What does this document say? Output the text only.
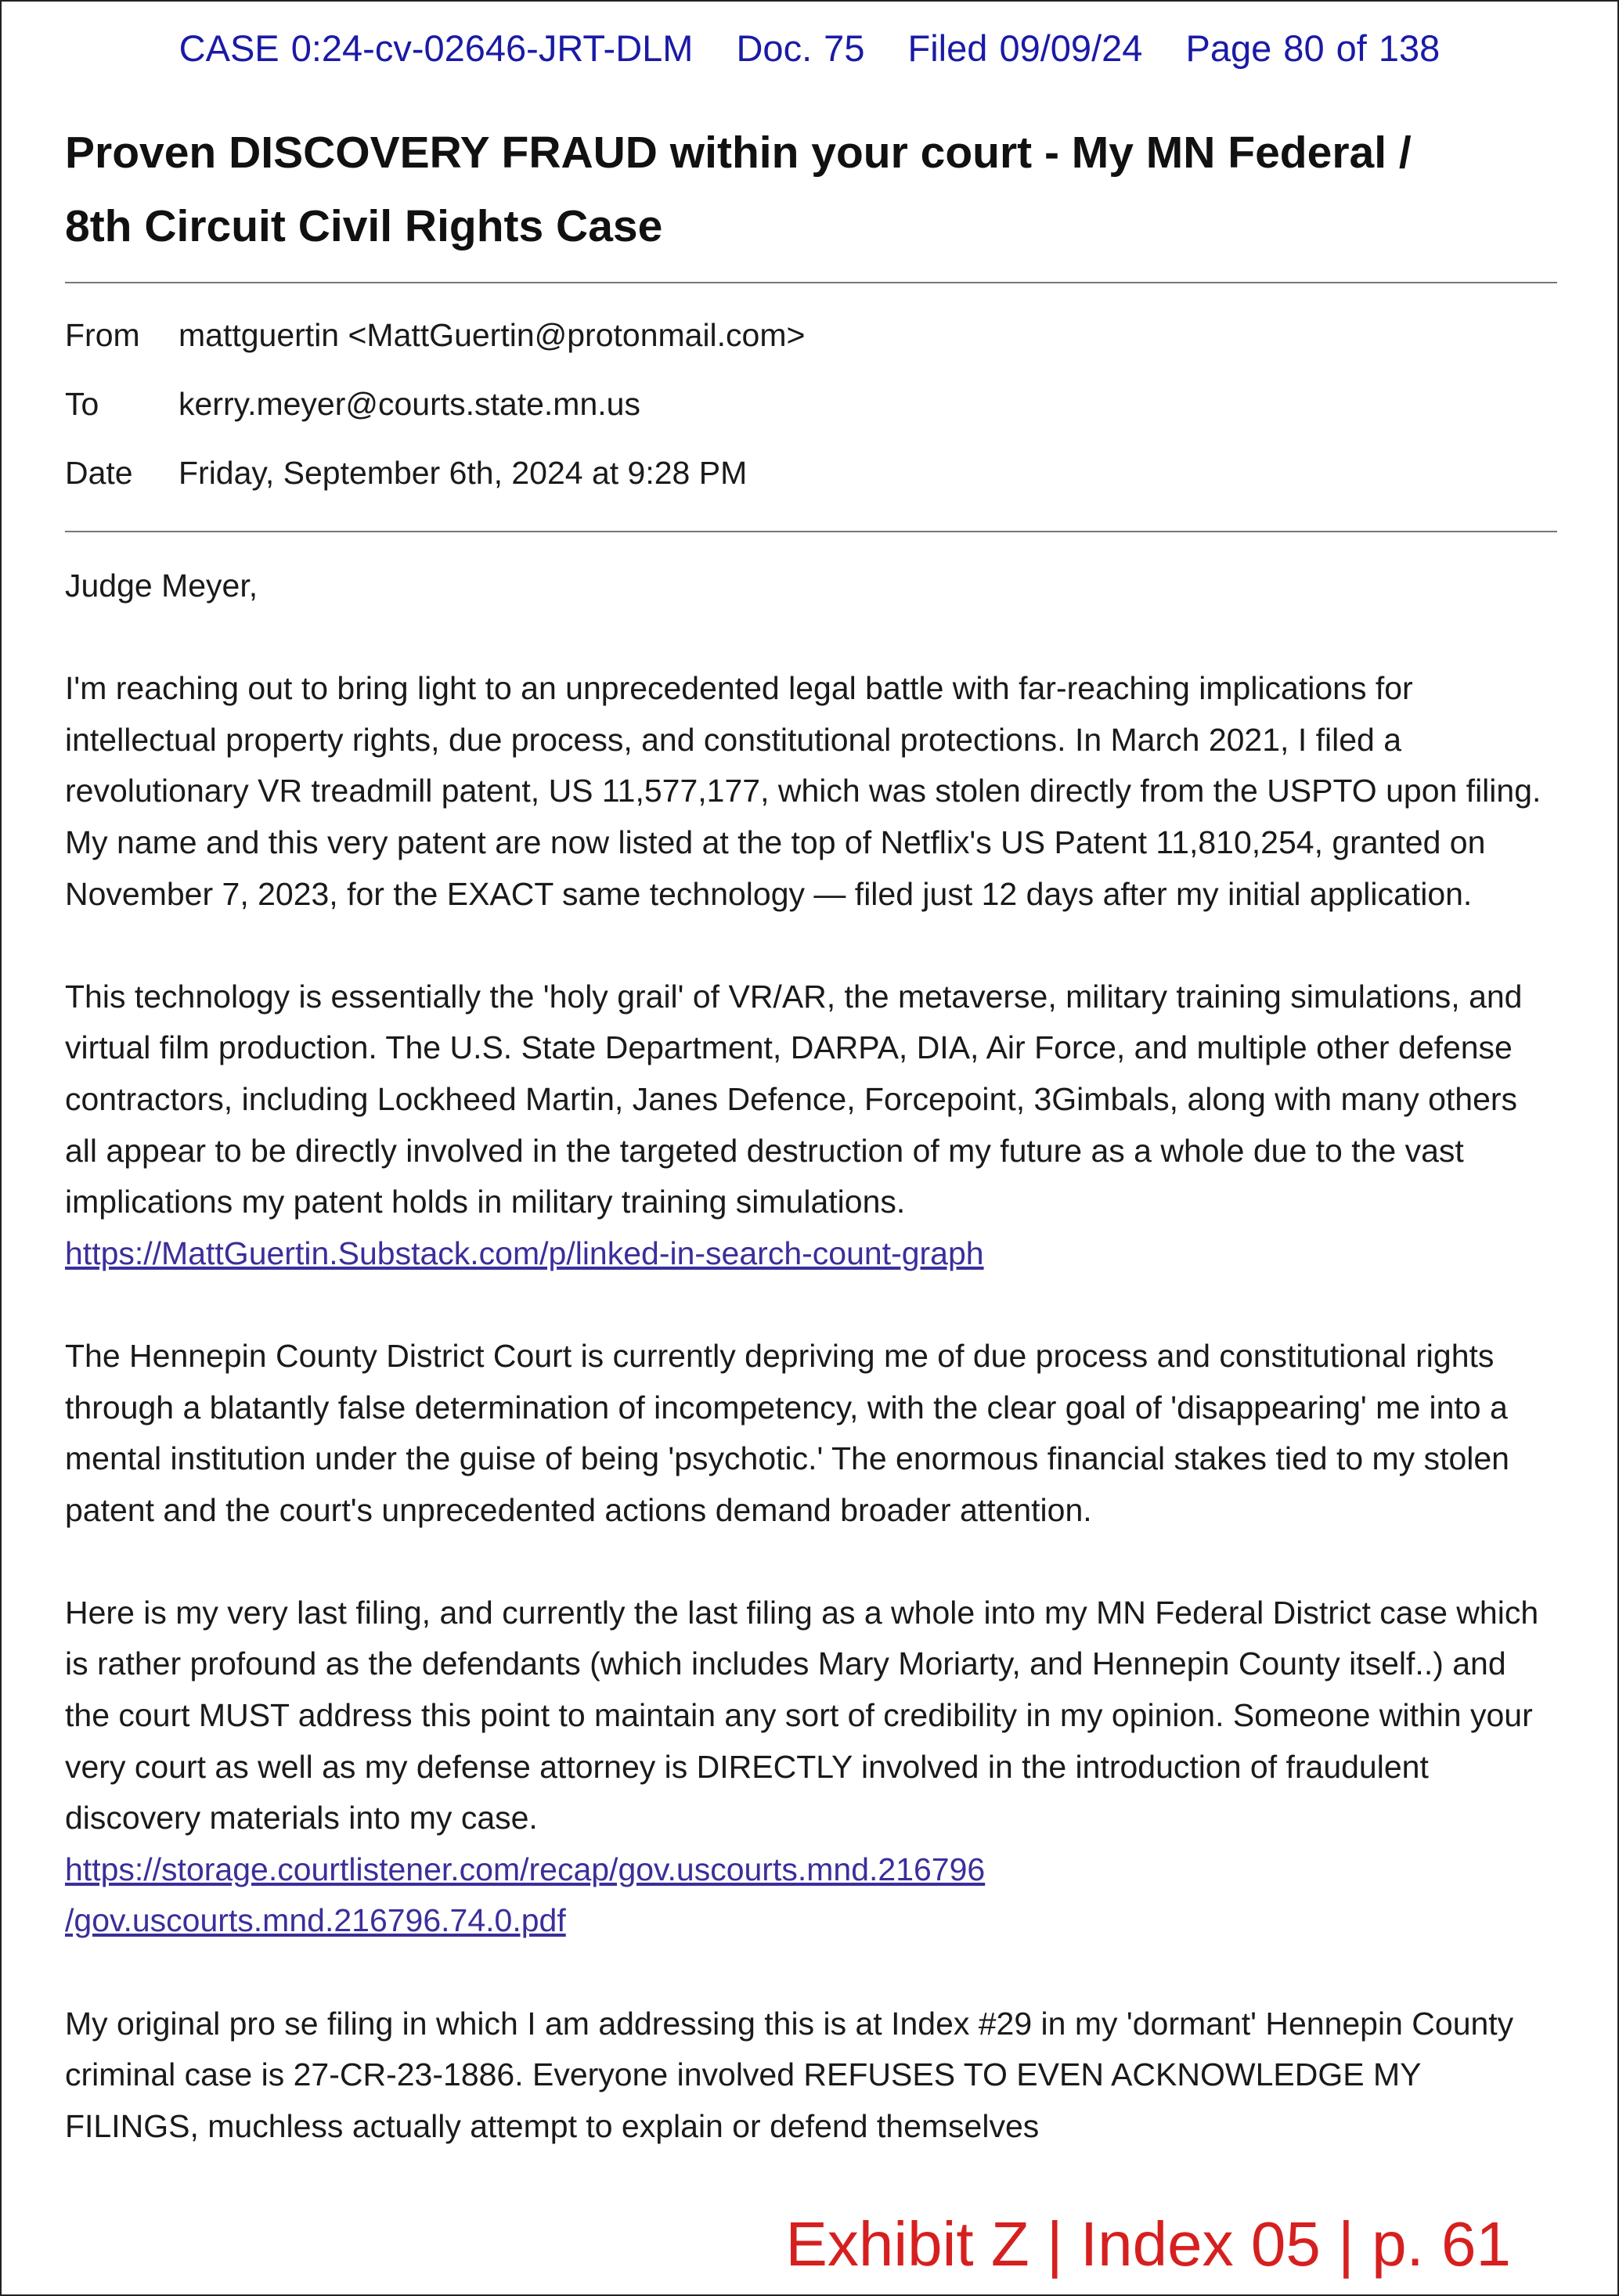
CASE 0:24-cv-02646-JRT-DLM Doc. 75 Filed 09/09/24 Page 80 of 138
Proven DISCOVERY FRAUD within your court - My MN Federal /
8th Circuit Civil Rights Case
From	mattguertin <MattGuertin@protonmail.com>
To	kerry.meyer@courts.state.mn.us
Date	Friday, September 6th, 2024 at 9:28 PM

Judge Meyer,

I'm reaching out to bring light to an unprecedented legal battle with far-reaching implications for intellectual property rights, due process, and constitutional protections. In March 2021, I filed a revolutionary VR treadmill patent, US 11,577,177, which was stolen directly from the USPTO upon filing. My name and this very patent are now listed at the top of Netflix's US Patent 11,810,254, granted on November 7, 2023, for the EXACT same technology — filed just 12 days after my initial application.

This technology is essentially the 'holy grail' of VR/AR, the metaverse, military training simulations, and virtual film production. The U.S. State Department, DARPA, DIA, Air Force, and multiple other defense contractors, including Lockheed Martin, Janes Defence, Forcepoint, 3Gimbals, along with many others all appear to be directly involved in the targeted destruction of my future as a whole due to the vast implications my patent holds in military training simulations.
https://MattGuertin.Substack.com/p/linked-in-search-count-graph

The Hennepin County District Court is currently depriving me of due process and constitutional rights through a blatantly false determination of incompetency, with the clear goal of 'disappearing' me into a mental institution under the guise of being 'psychotic.' The enormous financial stakes tied to my stolen patent and the court's unprecedented actions demand broader attention.

Here is my very last filing, and currently the last filing as a whole into my MN Federal District case which is rather profound as the defendants (which includes Mary Moriarty, and Hennepin County itself..) and the court MUST address this point to maintain any sort of credibility in my opinion. Someone within your very court as well as my defense attorney is DIRECTLY involved in the introduction of fraudulent discovery materials into my case.
https://storage.courtlistener.com/recap/gov.uscourts.mnd.216796
/gov.uscourts.mnd.216796.74.0.pdf

My original pro se filing in which I am addressing this is at Index #29 in my 'dormant' Hennepin County criminal case is 27-CR-23-1886. Everyone involved REFUSES TO EVEN ACKNOWLEDGE MY FILINGS, muchless actually attempt to explain or defend themselves

Exhibit Z | Index 05 | p. 61
